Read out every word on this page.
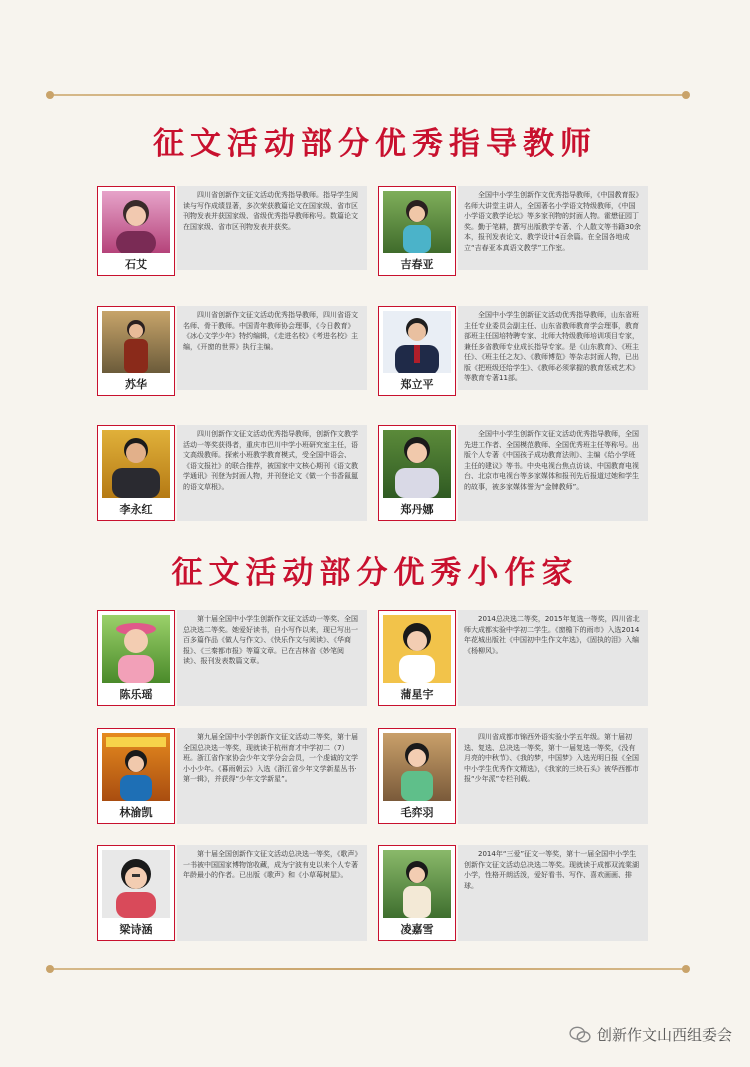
征文活动部分优秀指导教师
石艾
四川省创新作文征文活动优秀指导教师。指导学生阅读与写作成绩显著，多次荣获教篇论文在国家级、省市区刊物发表并获国家级、省级优秀指导教师称号。数篇论文在国家级、省市区刊物发表并获奖。
吉春亚
全国中小学生创新作文优秀指导教师，《中国教育报》名师大讲堂主讲人，全国著名小学语文特级教师，《中国小学语文教学论坛》等多家刊物的封面人物。霍懋征园丁奖。勤于笔耕，撰写出版教学专著、个人散文等书籍30余本，报刊发表论文、教学设计4百余篇。在全国各地成立“吉春亚本真语文教学”工作室。
苏华
四川省创新作文征文活动优秀指导教师，四川省语文名师、骨干教师。中国青年教师协会理事，《今日教育》《冰心文学少年》特约编辑，《走进名校》《考进名校》主编，《开窗的世界》执行主编。
郑立平
全国中小学生创新征文活动优秀指导教师，山东省班主任专业委员会副主任、山东省教师教育学会理事，教育部班主任国培特聘专家、北师大特级教师培训项目专家，兼任多省教师专业成长指导专家。是《山东教育》、《班主任》、《班主任之友》、《教师博览》等杂志封面人物，已出版《把班级还给学生》、《教师必须掌握的教育惩戒艺术》等教育专著11部。
李永红
四川创新作文征文活动优秀指导教师，创新作文教学活动一等奖获得者，重庆市巴川中学小班研究室主任，语文高级教师。探索小班教学教育模式，受全国中语会、《语文报社》的联合推荐，被国家中文核心期刊《语文教学通讯》刊登为封面人物，并刊登论文《做一个书香氤氲的语文草根》。
郑丹娜
全国中小学生创新作文征文活动优秀指导教师，全国先进工作者、全国模范教师、全国优秀班主任等称号。出版个人专著《中国孩子成功教育法则》、主编《给小学班主任的建议》等书。中央电视台焦点访谈、中国教育电视台、北京市电视台等多家媒体和报刊先后报道过她和学生的故事，被多家媒体誉为“金牌教师”。
征文活动部分优秀小作家
陈乐瑶
第十届全国中小学生创新作文征文活动一等奖、全国总决选二等奖。她爱好读书，自小写作以来，现已写出一百多篇作品《做人与作文》、《快乐作文与阅读》、《华商报》、《三秦都市报》等篇文章。已在吉林省《妙笔阅读》、报刊发表数篇文章。
蒲星宇
2014总决选二等奖，2015年复选一等奖，四川省北师大成都实验中学初二学生。《窗檐下的雨市》入选2014年花城出版社《中国初中生作文年选》，《固执的泪》入编《杨柳风》。
林渝凯
第九届全国中小学创新作文征文活动二等奖，第十届全国总决选一等奖，现就读于杭州育才中学初二（7）班。浙江省作家协会少年文学分会会员，一个虔诚的文学小小少年。《暮雨朝云》入选《浙江省少年文学新星丛书·第一辑》，并获得“少年文学新星”。
毛弈羽
四川省成都市锦西外语实验小学五年级。第十届初选、复选、总决选一等奖，第十一届复选一等奖，《没有月亮的中秋节》、《我的梦，中国梦》入选光明日报《全国中小学生优秀作文精选》，《我家的三块石头》被华西都市报“少年派”专栏刊载。
梁诗涵
第十届全国创新作文征文活动总决选一等奖，《歌声》一书被中国国家博物馆收藏，成为宁波有史以来个人专著年龄最小的作者。已出版《歌声》和《小草莓树屋》。
凌嘉雪
2014年“三爱”征文一等奖，第十一届全国中小学生创新作文征文活动总决选二等奖。现就读于成都双流棠湖小学，性格开朗活泼，爱好看书、写作、喜欢画画、排球。
创新作文山西组委会
